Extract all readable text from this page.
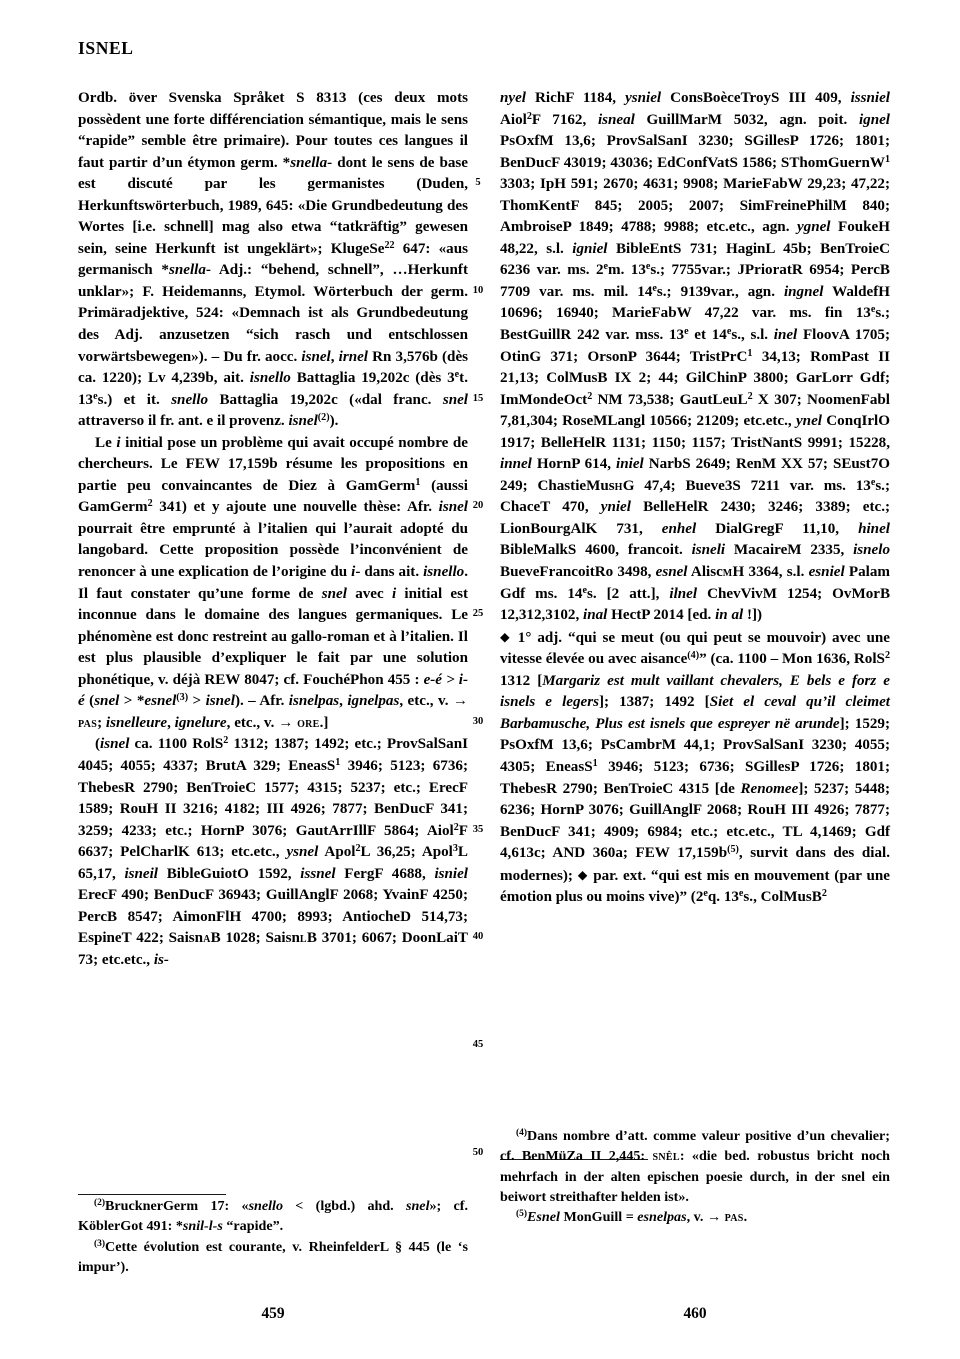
ISNEL

Ordb. över Svenska Språket S 8313 (ces deux mots possèdent une forte différenciation sémantique, mais le sens “rapide” semble être primaire). Pour toutes ces langues il faut partir d’un étymon germ. *snella- dont le sens de base est discuté par les germanistes (Duden, Herkunftswörterbuch, 1989, 645: «Die Grundbedeutung des Wortes [i.e. schnell] mag also etwa “tatkräftig” gewesen sein, seine Herkunft ist ungeklärt»; KlugeSe$^{22}$ 647: «aus germanisch *snella- Adj.: “behend, schnell”, …Herkunft unklar»; F. Heidemanns, Etymol. Wörterbuch der germ. Primäradjektive, 524: «Demnach ist als Grundbedeutung des Adj. anzusetzen “sich rasch und entschlossen vorwärtsbewegen»). – Du fr. aocc. isnel, irnel Rn 3,576b (dès ca. 1220); Lv 4,239b, ait. isnello Battaglia 19,202c (dès 3et. 13es.) et it. snello Battaglia 19,202c («dal franc. snel attraverso il fr. ant. e il provenz. isnel$^{(2)}$).

Le i initial pose un problème qui avait occupé nombre de chercheurs. Le FEW 17,159b résume les propositions en partie peu convaincantes de Diez à GamGerm$^1$ (aussi GamGerm$^2$ 341) et y ajoute une nouvelle thèse: Afr. isnel pourrait être emprunté à l’italien qui l’aurait adopté du langobard. Cette proposition possède l’inconvénient de renoncer à une explication de l’origine du i- dans ait. isnello. Il faut constater qu’une forme de snel avec i initial est inconnue dans le domaine des langues germaniques. Le phénomène est donc restreint au gallo-roman et à l’italien. Il est plus plausible d’expliquer le fait par une solution phonétique, v. déjà REW 8047; cf. FouchéPhon 455 : e-é > i-é (snel > *esnel$^{(3)}$ > isnel). – Afr. isnelpas, ignelpas, etc., v. → pas; isnelleure, ignelure, etc., v. → ore.]

(isnel ca. 1100 RolS$^2$ 1312; 1387; 1492; etc.; ProvSalSanI 4045; 4055; 4337; BrutA 329; EneasS$^1$ 3946; 5123; 6736; ThebesR 2790; BenTroieC 1577; 4315; 5237; etc.; ErecF 1589; RouH II 3216; 4182; III 4926; 7877; BenDucF 341; 3259; 4233; etc.; HornP 3076; GautArrIllF 5864; Aiol$^2$F 6637; PelCharlK 613; etc.etc., ysnel Apol$^2$L 36,25; Apol$^3$L 65,17, isneil BibleGuiotO 1592, issnel FergF 4688, isniel ErecF 490; BenDucF 36943; GuillAnglF 2068; YvainF 4250; PercB 8547; AimonFlH 4700; 8993; AntiocheD 514,73; EspineT 422; SaisnaB 1028; SaisnlB 3701; 6067; DoonLaiT 73; etc.etc., is-

5
10
15
20
25
30
35
40
45
50

nyel RichF 1184, ysniel ConsBoèceTroyS III 409, issniel Aiol$^2$F 7162, isneal GuillMarM 5032, agn. poit. ignel PsOxfM 13,6; ProvSalSanI 3230; SGillesP 1726; 1801; BenDucF 43019; 43036; EdConfVatS 1586; SThomGuernW$^1$ 3303; IpH 591; 2670; 4631; 9908; MarieFabW 29,23; 47,22; ThomKentF 845; 2005; 2007; SimFreinePhilM 840; AmbroiseP 1849; 4788; 9988; etc.etc., agn. ygnel FoukeH 48,22, s.l. igniel BibleEntS 731; HaginL 45b; BenTroieC 6236 var. ms. 2em. 13es.; 7755var.; JPrioratR 6954; PercB 7709 var. ms. mil. 14es.; 9139var., agn. ingnel WaldefH 10696; 16940; MarieFabW 47,22 var. ms. fin 13es.; BestGuillR 242 var. mss. 13e et 14es., s.l. inel FloovA 1705; OtinG 371; OrsonP 3644; TristPrC$^1$ 34,13; RomPast II 21,13; ColMusB IX 2; 44; GilChinP 3800; GarLorr Gdf; ImMondeOct$^2$ NM 73,538; GautLeuL$^2$ X 307; NoomenFabl 7,81,304; RoseMLangl 10566; 21209; etc.etc., ynel ConqIrlO 1917; BelleHelR 1131; 1150; 1157; TristNantS 9991; 15228, innel HornP 614, iniel NarbS 2649; RenM XX 57; SEust7O 249; ChastieMushG 47,4; Bueve3S 7211 var. ms. 13es.; ChaceT 470, yniel BelleHelR 2430; 3246; 3389; etc.; LionBourgAlK 731, enhel DialGregF 11,10, hinel BibleMalkS 4600, francoit. isneli MacaireM 2335, isnelo BueveFrancoitRo 3498, esnel AliscmH 3364, s.l. esniel Palam Gdf ms. 14es. [2 att.], ilnel ChevVivM 1254; OvMorB 12,312,3102, inal HectP 2014 [ed. in al !])

◆ 1° adj. “qui se meut (ou qui peut se mouvoir) avec une vitesse élevée ou avec aisance$^{(4)}$” (ca. 1100 – Mon 1636, RolS$^2$ 1312 [Margariz est mult vaillant chevalers, E bels e forz e isnels e legers]; 1387; 1492 [Siet el ceval qu’il cleimet Barbamusche, Plus est isnels que espreyer në arunde]; 1529; PsOxfM 13,6; PsCambrM 44,1; ProvSalSanI 3230; 4055; 4305; EneasS$^1$ 3946; 5123; 6736; SGillesP 1726; 1801; ThebesR 2790; BenTroieC 4315 [de Renomee]; 5237; 5448; 6236; HornP 3076; GuillAnglF 2068; RouH III 4926; 7877; BenDucF 341; 4909; 6984; etc.; etc.etc., TL 4,1469; Gdf 4,613c; AND 360a; FEW $17,159b^{(5)}$, survit dans des dial. modernes); ◆ par. ext. “qui est mis en mouvement (par une émotion plus ou moins vive)” (2eq. 13es., ColMusB$^2$

$^{(2)}$BrucknerGerm 17: «snello < (lgbd.) ahd. snel»; cf. KöblerGot 491: *snil-l-s “rapide”.

$^{(3)}$Cette évolution est courante, v. RheinfelderL § 445 (le ‘s impur’).

$^{(4)}$Dans nombre d’att. comme valeur positive d’un chevalier; cf. BenMüZa II 2,445: snêl: «die bed. robustus bricht noch mehrfach in der alten epischen poesie durch, in der snel ein beiwort streithafter helden ist».

$^{(5)}$Esnel MonGuill = esnelpas, v. → pas.

459	460
